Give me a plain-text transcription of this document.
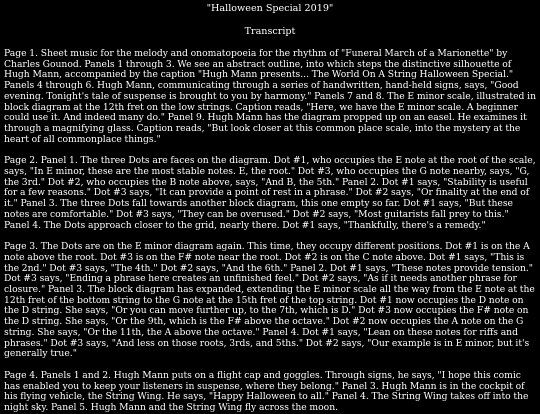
"Halloween Special 2019"

Transcript

Page 1. Sheet music for the melody and onomatopoeia for the rhythm of "Funeral March of a Marionette" by Charles Gounod. Panels 1 through 3. We see an abstract outline, into which steps the distinctive silhouette of Hugh Mann, accompanied by the caption "Hugh Mann presents... The World On A String Halloween Special." Panels 4 through 6. Hugh Mann, communicating through a series of handwritten, hand-held signs, says, "Good evening. Tonight's tale of suspense is brought to you by harmony." Panels 7 and 8. The E minor scale, illustrated in block diagram at the 12th fret on the low strings. Caption reads, "Here, we have the E minor scale. A beginner could use it. And indeed many do." Panel 9. Hugh Mann has the diagram propped up on an easel. He examines it through a magnifying glass. Caption reads, "But look closer at this common place scale, into the mystery at the heart of all commonplace things."

Page 2. Panel 1. The three Dots are faces on the diagram. Dot #1, who occupies the E note at the root of the scale, says, "In E minor, these are the most stable notes. E, the root." Dot #3, who occupies the G note nearby, says, "G, the 3rd." Dot #2, who occupies the B note above, says, "And B, the 5th." Panel 2. Dot #1 says, "Stability is useful for a few reasons." Dot #3 says, "It can provide a point of rest in a phrase." Dot #2 says, "Or finality at the end of it." Panel 3. The three Dots fall towards another block diagram, this one empty so far. Dot #1 says, "But these notes are comfortable." Dot #3 says, "They can be overused." Dot #2 says, "Most guitarists fall prey to this." Panel 4. The Dots approach closer to the grid, nearly there. Dot #1 says, "Thankfully, there's a remedy."

Page 3. The Dots are on the E minor diagram again. This time, they occupy different positions. Dot #1 is on the A note above the root. Dot #3 is on the F# note near the root. Dot #2 is on the C note above. Dot #1 says, "This is the 2nd." Dot #3 says, "The 4th." Dot #2 says, "And the 6th." Panel 2. Dot #1 says, "These notes provide tension." Dot #3 says, "Ending a phrase here creates an unfinished feel." Dot #2 says, "As if it needs another phrase for closure." Panel 3. The block diagram has expanded, extending the E minor scale all the way from the E note at the 12th fret of the bottom string to the G note at the 15th fret of the top string. Dot #1 now occupies the D note on the D string. She says, "Or you can move further up, to the 7th, which is D." Dot #3 now occupies the F# note on the D string. She says, "Or the 9th, which is the F# above the octave." Dot #2 now occupies the A note on the G string. She says, "Or the 11th, the A above the octave." Panel 4. Dot #1 says, "Lean on these notes for riffs and phrases." Dot #3 says, "And less on those roots, 3rds, and 5ths." Dot #2 says, "Our example is in E minor, but it's generally true."

Page 4. Panels 1 and 2. Hugh Mann puts on a flight cap and goggles. Through signs, he says, "I hope this comic has enabled you to keep your listeners in suspense, where they belong." Panel 3. Hugh Mann is in the cockpit of his flying vehicle, the String Wing. He says, "Happy Halloween to all." Panel 4. The String Wing takes off into the night sky. Panel 5. Hugh Mann and the String Wing fly across the moon.
